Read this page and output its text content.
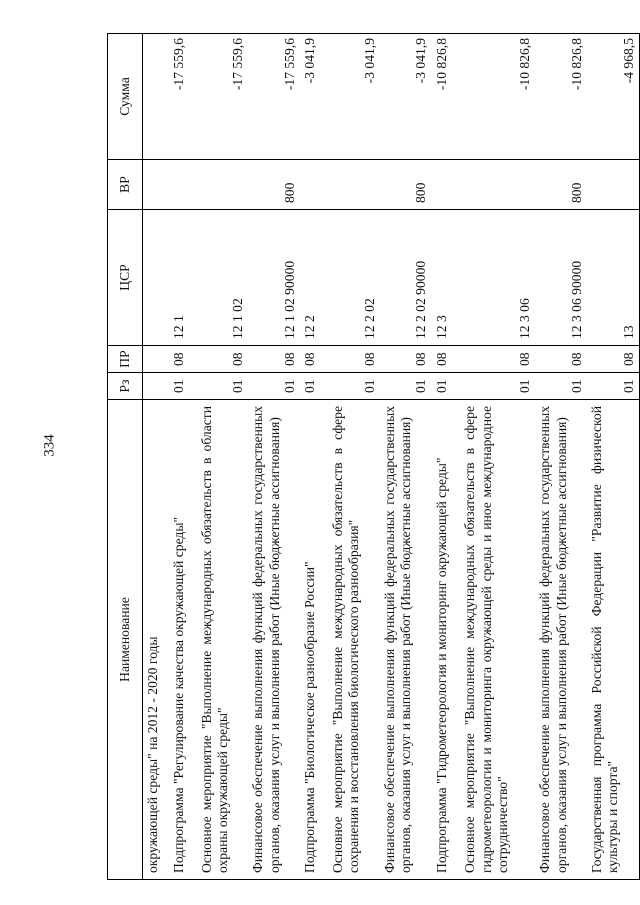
334
Наименование	Рз	ПР	ЦСР	ВР	Сумма
окружающей среды" на 2012 - 2020 годы					
Подпрограмма "Регулирование качества окружающей среды"	01	08	12 1		-17 559,6
Основное мероприятие "Выполнение международных обязательств в области охраны окружающей среды"	01	08	12 1 02		-17 559,6
Финансовое обеспечение выполнения функций федеральных государственных органов, оказания услуг и выполнения работ (Иные бюджетные ассигнования)	01	08	12 1 02 90000	800	-17 559,6
Подпрограмма "Биологическое разнообразие России"	01	08	12 2		-3 041,9
Основное мероприятие "Выполнение международных обязательств в сфере сохранения и восстановления биологического разнообразия"	01	08	12 2 02		-3 041,9
Финансовое обеспечение выполнения функций федеральных государственных органов, оказания услуг и выполнения работ (Иные бюджетные ассигнования)	01	08	12 2 02 90000	800	-3 041,9
Подпрограмма "Гидрометеорология и мониторинг окружающей среды"	01	08	12 3		-10 826,8
Основное мероприятие "Выполнение международных обязательств в сфере гидрометеорологии и мониторинга окружающей среды и иное международное сотрудничество"	01	08	12 3 06		-10 826,8
Финансовое обеспечение выполнения функций федеральных государственных органов, оказания услуг и выполнения работ (Иные бюджетные ассигнования)	01	08	12 3 06 90000	800	-10 826,8
Государственная программа Российской Федерации "Развитие физической культуры и спорта"	01	08	13		-4 968,5
